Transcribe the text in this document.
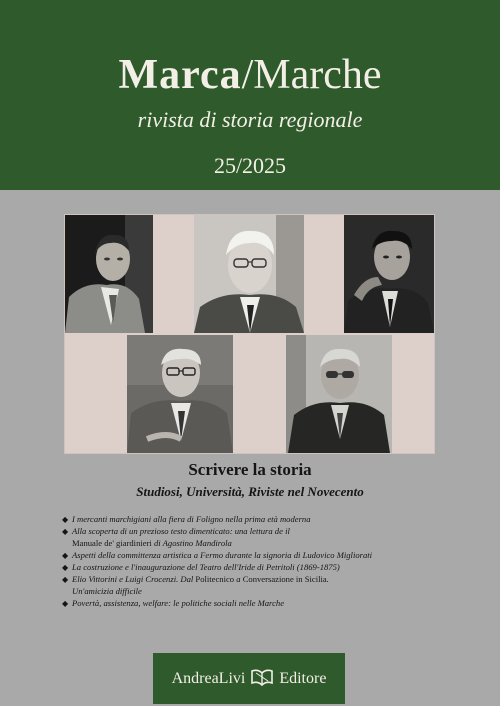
Marca/Marche
rivista di storia regionale
25/2025
Scrivere la storia
Studiosi, Università, Riviste nel Novecento
◆ I mercanti marchigiani alla fiera di Foligno nella prima età moderna
◆ Alla scoperta di un prezioso testo dimenticato: una lettura de il
Manuale de' giardinieri di Agostino Mandirola
◆ Aspetti della committenza artistica a Fermo durante la signoria di Ludovico Migliorati
◆ La costruzione e l'inaugurazione del Teatro dell'Iride di Petritoli (1869-1875)
◆ Elio Vittorini e Luigi Crocenzi. Dal Politecnico a Conversazione in Sicilia.
Un'amicizia difficile
◆ Povertà, assistenza, welfare: le politiche sociali nelle Marche
AndreaLivi Editore
